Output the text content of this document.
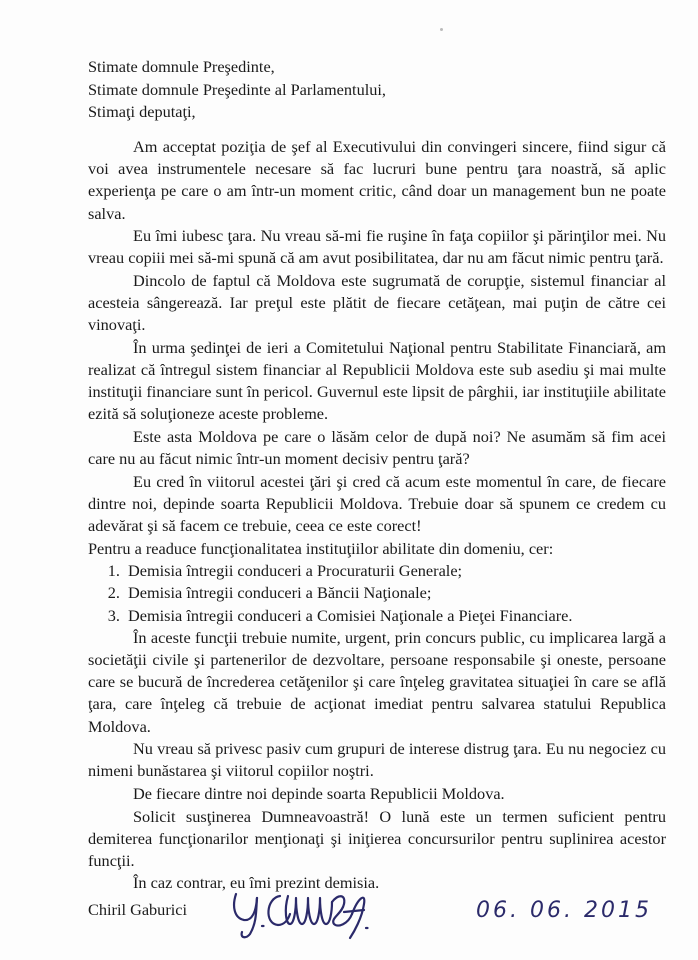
Stimate domnule Preşedinte,
Stimate domnule Preşedinte al Parlamentului,
Stimaţi deputaţi,

Am acceptat poziţia de şef al Executivului din convingeri sincere, fiind sigur că voi avea instrumentele necesare să fac lucruri bune pentru ţara noastră, să aplic experienţa pe care o am într-un moment critic, când doar un management bun ne poate salva.

Eu îmi iubesc ţara. Nu vreau să-mi fie ruşine în faţa copiilor şi părinţilor mei. Nu vreau copiii mei să-mi spună că am avut posibilitatea, dar nu am făcut nimic pentru ţară.

Dincolo de faptul că Moldova este sugrumată de corupţie, sistemul financiar al acesteia sângerează. Iar preţul este plătit de fiecare cetăţean, mai puţin de către cei vinovaţi.

În urma şedinţei de ieri a Comitetului Naţional pentru Stabilitate Financiară, am realizat că întregul sistem financiar al Republicii Moldova este sub asediu şi mai multe instituţii financiare sunt în pericol. Guvernul este lipsit de pârghii, iar instituţiile abilitate ezită să soluţioneze aceste probleme.

Este asta Moldova pe care o lăsăm celor de după noi? Ne asumăm să fim acei care nu au făcut nimic într-un moment decisiv pentru ţară?

Eu cred în viitorul acestei ţări şi cred că acum este momentul în care, de fiecare dintre noi, depinde soarta Republicii Moldova. Trebuie doar să spunem ce credem cu adevărat şi să facem ce trebuie, ceea ce este corect!

Pentru a readuce funcţionalitatea instituţiilor abilitate din domeniu, cer:

1. Demisia întregii conduceri a Procuraturii Generale;
2. Demisia întregii conduceri a Băncii Naţionale;
3. Demisia întregii conduceri a Comisiei Naţionale a Pieţei Financiare.

În aceste funcţii trebuie numite, urgent, prin concurs public, cu implicarea largă a societăţii civile şi partenerilor de dezvoltare, persoane responsabile şi oneste, persoane care se bucură de încrederea cetăţenilor şi care înţeleg gravitatea situaţiei în care se află ţara, care înţeleg că trebuie de acţionat imediat pentru salvarea statului Republica Moldova.

Nu vreau să privesc pasiv cum grupuri de interese distrug ţara. Eu nu negociez cu nimeni bunăstarea şi viitorul copiilor noştri.

De fiecare dintre noi depinde soarta Republicii Moldova.

Solicit susţinerea Dumneavoastră! O lună este un termen suficient pentru demiterea funcţionarilor menţionaţi şi iniţierea concursurilor pentru suplinirea acestor funcţii.

În caz contrar, eu îmi prezint demisia.

Chiril Gaburici	06. 06. 2015
